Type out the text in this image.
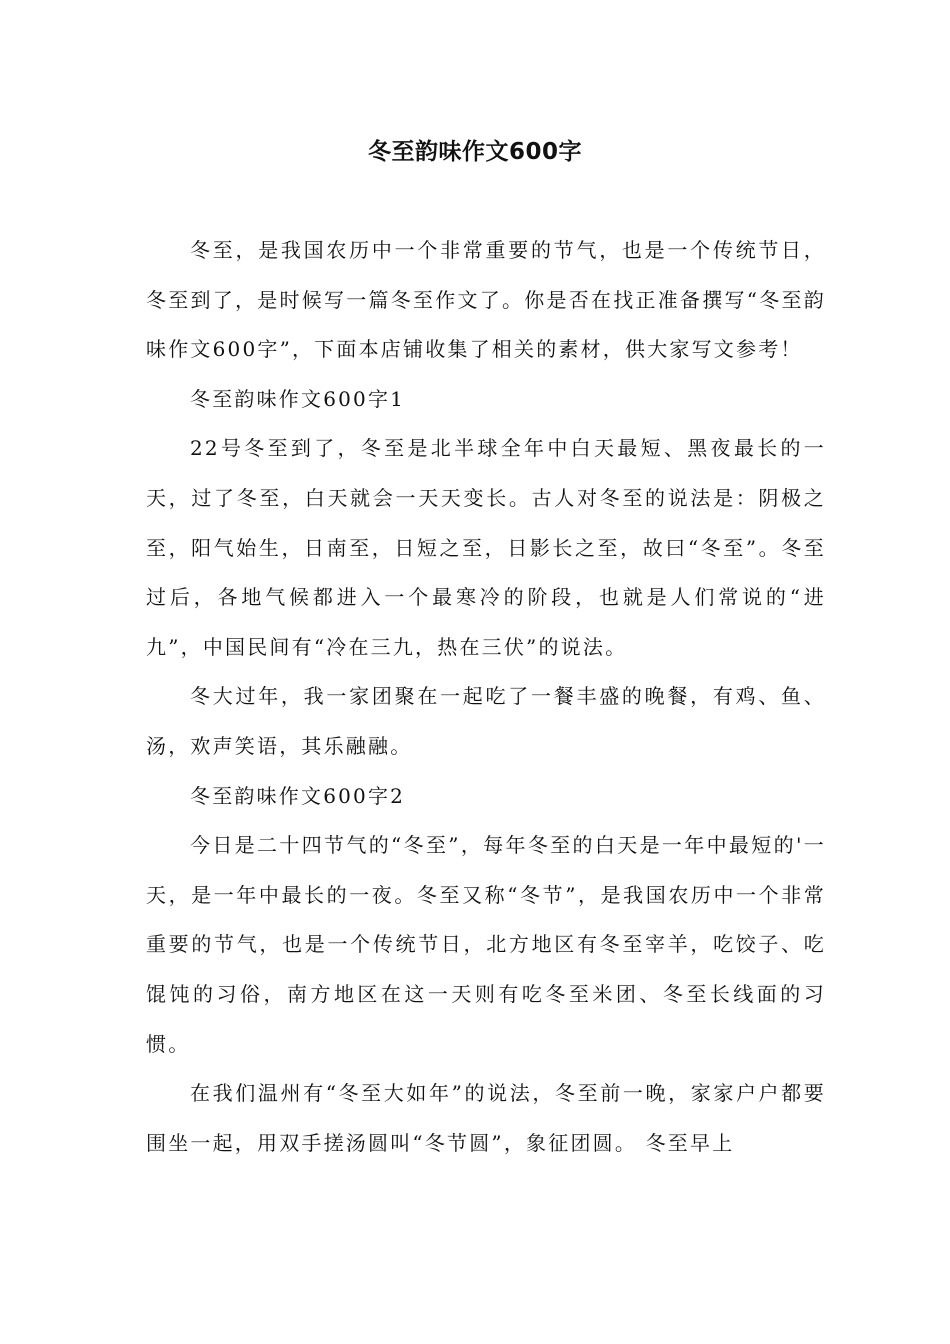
冬至韵味作文600字

冬至，是我国农历中一个非常重要的节气，也是一个传统节日，冬至到了，是时候写一篇冬至作文了。你是否在找正准备撰写“冬至韵味作文600字”，下面本店铺收集了相关的素材，供大家写文参考！

冬至韵味作文600字1

22号冬至到了，冬至是北半球全年中白天最短、黑夜最长的一天，过了冬至，白天就会一天天变长。古人对冬至的说法是：阴极之至，阳气始生，日南至，日短之至，日影长之至，故曰“冬至”。冬至过后，各地气候都进入一个最寒冷的阶段，也就是人们常说的“进九”，中国民间有“冷在三九，热在三伏”的说法。

冬大过年，我一家团聚在一起吃了一餐丰盛的晚餐，有鸡、鱼、汤，欢声笑语，其乐融融。

冬至韵味作文600字2

今日是二十四节气的“冬至”，每年冬至的白天是一年中最短的'一天，是一年中最长的一夜。冬至又称“冬节”，是我国农历中一个非常重要的节气，也是一个传统节日，北方地区有冬至宰羊，吃饺子、吃馄饨的习俗，南方地区在这一天则有吃冬至米团、冬至长线面的习惯。

在我们温州有“冬至大如年”的说法，冬至前一晚，家家户户都要围坐一起，用双手搓汤圆叫“冬节圆”，象征团圆。 冬至早上
